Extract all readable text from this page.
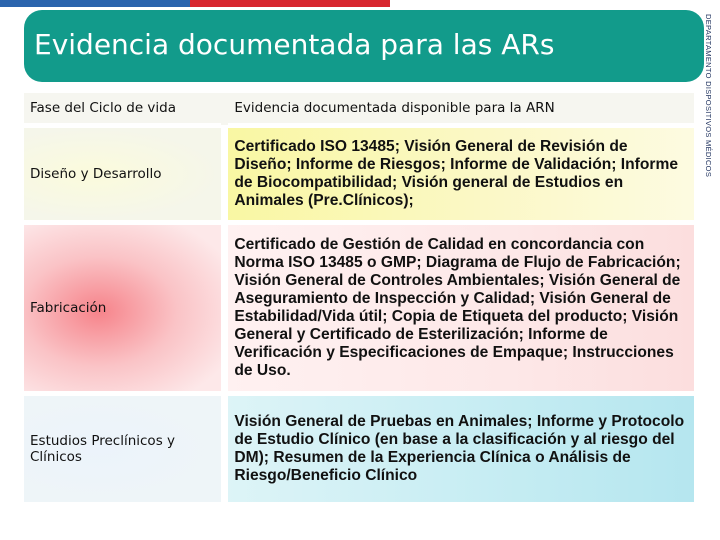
Evidencia documentada para las ARs	DEPARTAMENTO DISPOSITIVOS MÉDICOS
Fase del Ciclo de vida		Evidencia documentada disponible para la ARN
Diseño y Desarrollo		Certificado ISO 13485; Visión General de Revisión de Diseño; Informe de Riesgos; Informe de Validación; Informe de Biocompatibilidad; Visión general de Estudios en Animales (Pre.Clínicos);
Fabricación		Certificado de Gestión de Calidad en concordancia con Norma ISO 13485 o GMP; Diagrama de Flujo de Fabricación; Visión General de Controles Ambientales; Visión General de Aseguramiento de Inspección y Calidad; Visión General de Estabilidad/Vida útil; Copia de Etiqueta del producto; Visión General y Certificado de Esterilización; Informe de Verificación y Especificaciones de Empaque; Instrucciones de Uso.
Estudios Preclínicos y Clínicos		Visión General de Pruebas en Animales; Informe y Protocolo de Estudio Clínico (en base a la clasificación y al riesgo del DM); Resumen de la Experiencia Clínica o Análisis de Riesgo/Beneficio Clínico
